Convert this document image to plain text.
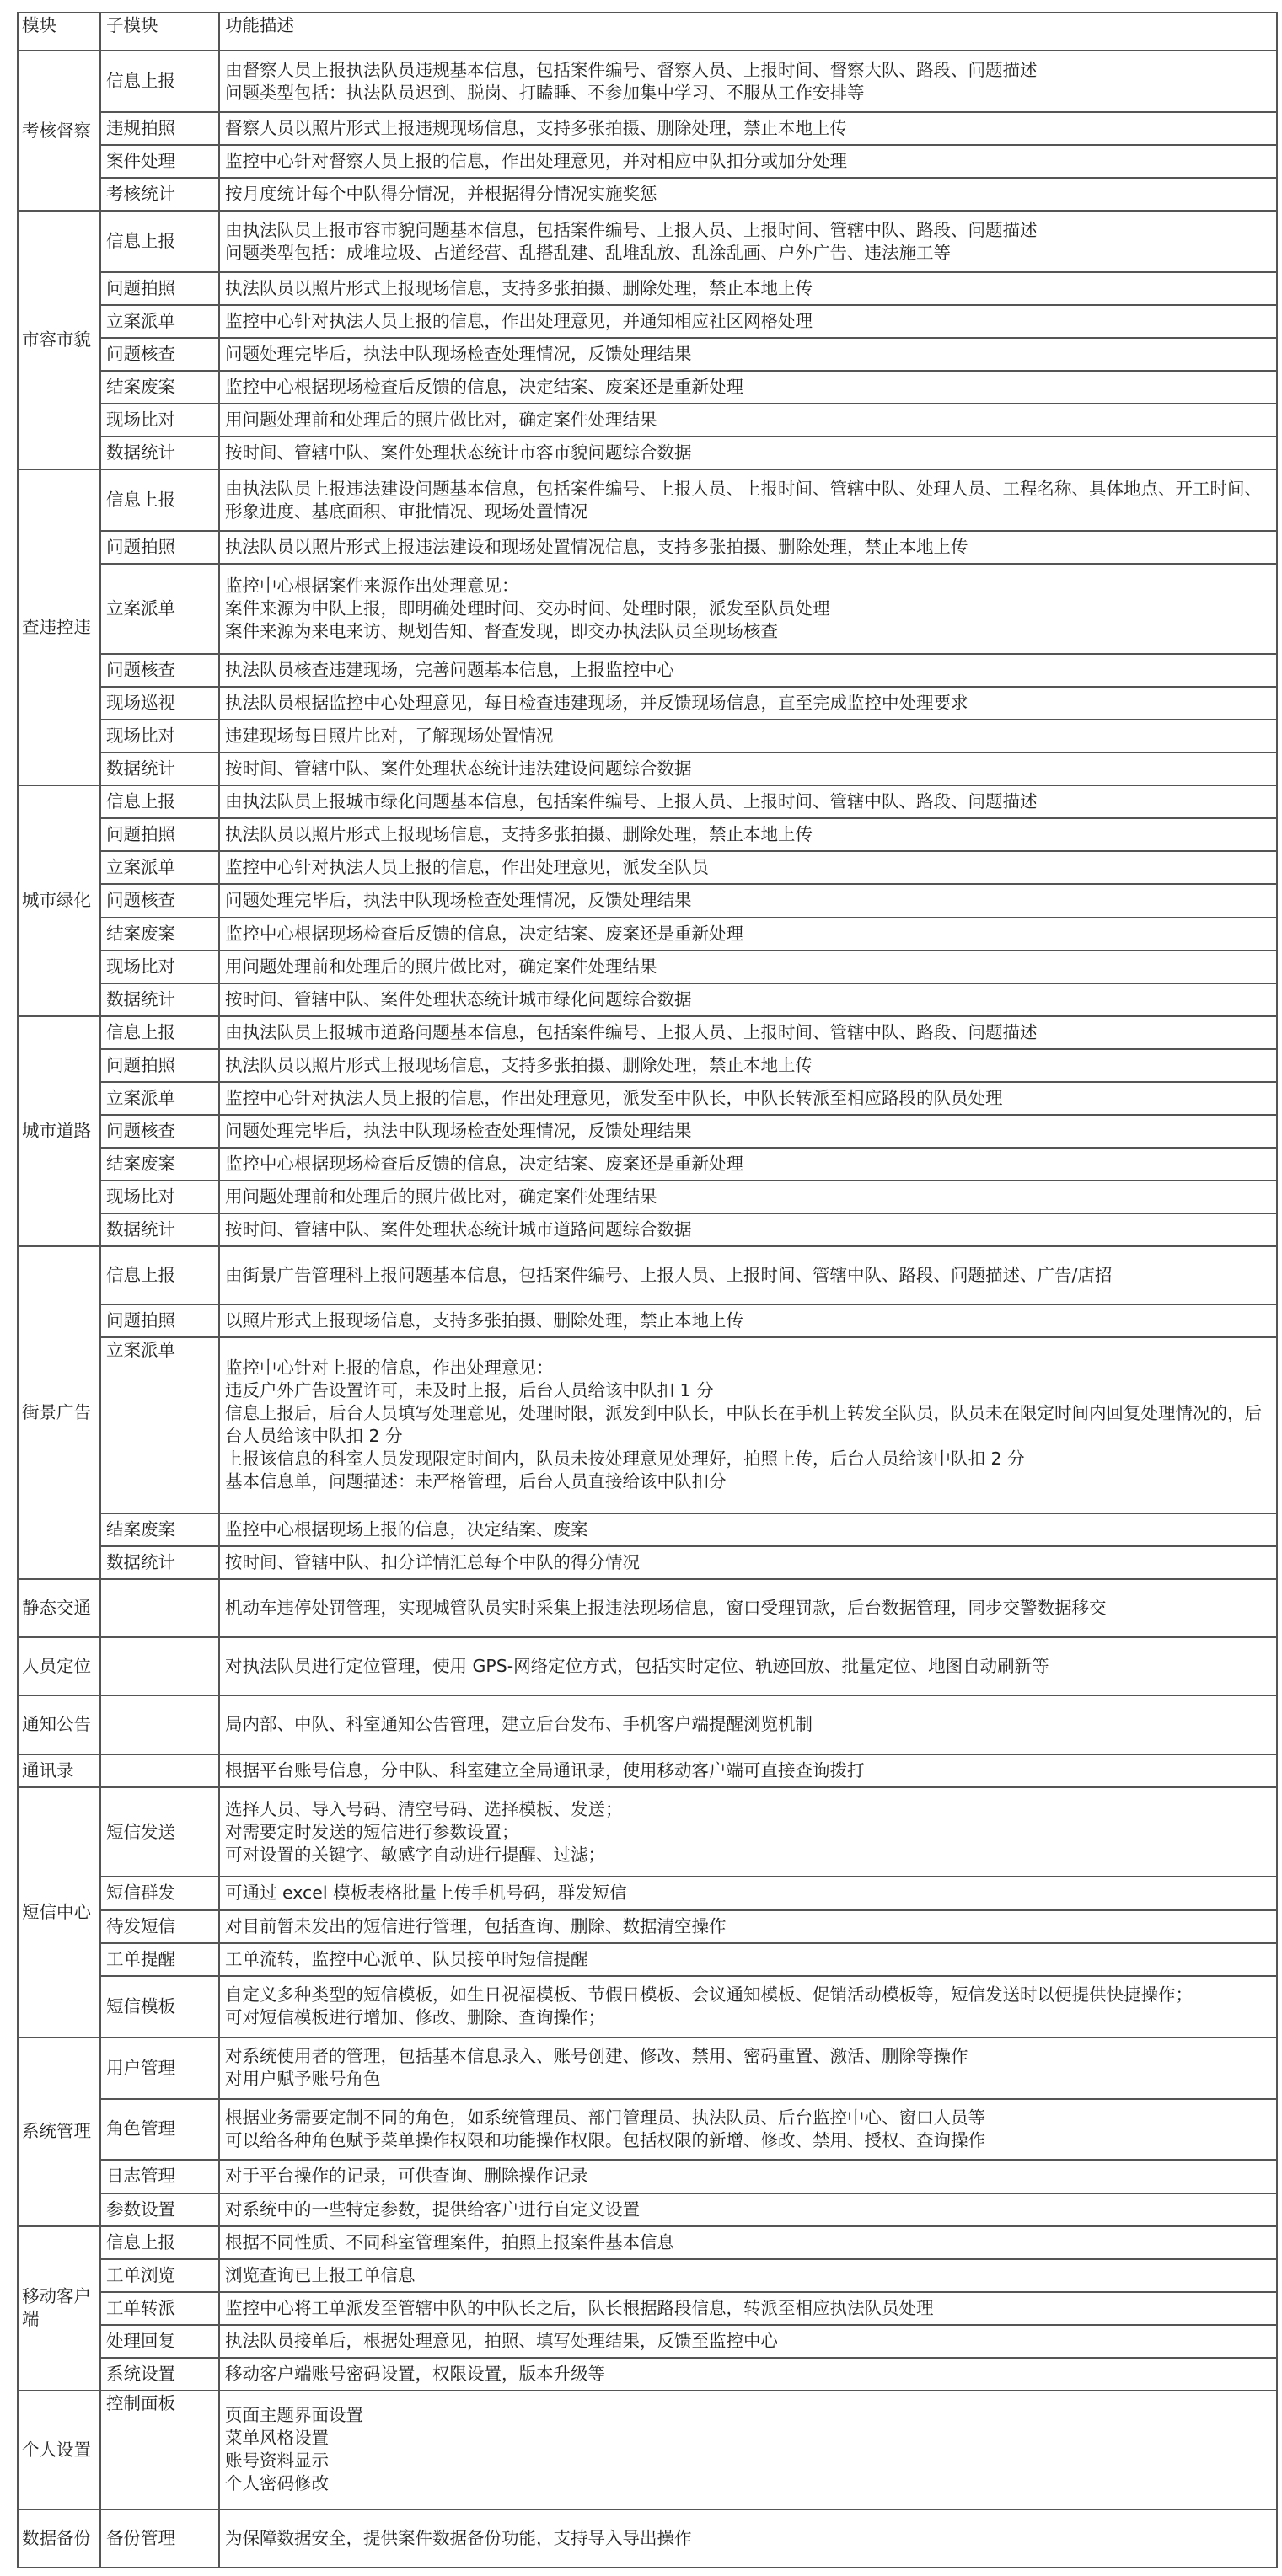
模块	子模块	功能描述
考核督察	信息上报	由督察人员上报执法队员违规基本信息，包括案件编号、督察人员、上报时间、督察大队、路段、问题描述
问题类型包括：执法队员迟到、脱岗、打瞌睡、不参加集中学习、不服从工作安排等
	违规拍照	督察人员以照片形式上报违规现场信息，支持多张拍摄、删除处理，禁止本地上传
	案件处理	监控中心针对督察人员上报的信息，作出处理意见，并对相应中队扣分或加分处理
	考核统计	按月度统计每个中队得分情况，并根据得分情况实施奖惩
市容市貌	信息上报	由执法队员上报市容市貌问题基本信息，包括案件编号、上报人员、上报时间、管辖中队、路段、问题描述
问题类型包括：成堆垃圾、占道经营、乱搭乱建、乱堆乱放、乱涂乱画、户外广告、违法施工等
	问题拍照	执法队员以照片形式上报现场信息，支持多张拍摄、删除处理，禁止本地上传
	立案派单	监控中心针对执法人员上报的信息，作出处理意见，并通知相应社区网格处理
	问题核查	问题处理完毕后，执法中队现场检查处理情况，反馈处理结果
	结案废案	监控中心根据现场检查后反馈的信息，决定结案、废案还是重新处理
	现场比对	用问题处理前和处理后的照片做比对，确定案件处理结果
	数据统计	按时间、管辖中队、案件处理状态统计市容市貌问题综合数据
查违控违	信息上报	由执法队员上报违法建设问题基本信息，包括案件编号、上报人员、上报时间、管辖中队、处理人员、工程名称、具体地点、开工时间、形象进度、基底面积、审批情况、现场处置情况
	问题拍照	执法队员以照片形式上报违法建设和现场处置情况信息，支持多张拍摄、删除处理，禁止本地上传
	立案派单	监控中心根据案件来源作出处理意见：
案件来源为中队上报，即明确处理时间、交办时间、处理时限，派发至队员处理
案件来源为来电来访、规划告知、督查发现，即交办执法队员至现场核查
	问题核查	执法队员核查违建现场，完善问题基本信息，上报监控中心
	现场巡视	执法队员根据监控中心处理意见，每日检查违建现场，并反馈现场信息，直至完成监控中处理要求
	现场比对	违建现场每日照片比对，了解现场处置情况
	数据统计	按时间、管辖中队、案件处理状态统计违法建设问题综合数据
城市绿化	信息上报	由执法队员上报城市绿化问题基本信息，包括案件编号、上报人员、上报时间、管辖中队、路段、问题描述
	问题拍照	执法队员以照片形式上报现场信息，支持多张拍摄、删除处理，禁止本地上传
	立案派单	监控中心针对执法人员上报的信息，作出处理意见，派发至队员
	问题核查	问题处理完毕后，执法中队现场检查处理情况，反馈处理结果
	结案废案	监控中心根据现场检查后反馈的信息，决定结案、废案还是重新处理
	现场比对	用问题处理前和处理后的照片做比对，确定案件处理结果
	数据统计	按时间、管辖中队、案件处理状态统计城市绿化问题综合数据
城市道路	信息上报	由执法队员上报城市道路问题基本信息，包括案件编号、上报人员、上报时间、管辖中队、路段、问题描述
	问题拍照	执法队员以照片形式上报现场信息，支持多张拍摄、删除处理，禁止本地上传
	立案派单	监控中心针对执法人员上报的信息，作出处理意见，派发至中队长，中队长转派至相应路段的队员处理
	问题核查	问题处理完毕后，执法中队现场检查处理情况，反馈处理结果
	结案废案	监控中心根据现场检查后反馈的信息，决定结案、废案还是重新处理
	现场比对	用问题处理前和处理后的照片做比对，确定案件处理结果
	数据统计	按时间、管辖中队、案件处理状态统计城市道路问题综合数据
街景广告	信息上报	由街景广告管理科上报问题基本信息，包括案件编号、上报人员、上报时间、管辖中队、路段、问题描述、广告/店招
	问题拍照	以照片形式上报现场信息，支持多张拍摄、删除处理，禁止本地上传
	立案派单	监控中心针对上报的信息，作出处理意见：
违反户外广告设置许可，未及时上报，后台人员给该中队扣 1 分
信息上报后，后台人员填写处理意见，处理时限，派发到中队长，中队长在手机上转发至队员，队员未在限定时间内回复处理情况的，后台人员给该中队扣 2 分
上报该信息的科室人员发现限定时间内，队员未按处理意见处理好，拍照上传，后台人员给该中队扣 2 分
基本信息单，问题描述：未严格管理，后台人员直接给该中队扣分
	结案废案	监控中心根据现场上报的信息，决定结案、废案
	数据统计	按时间、管辖中队、扣分详情汇总每个中队的得分情况
静态交通		机动车违停处罚管理，实现城管队员实时采集上报违法现场信息，窗口受理罚款，后台数据管理，同步交警数据移交
人员定位		对执法队员进行定位管理，使用 GPS-网络定位方式，包括实时定位、轨迹回放、批量定位、地图自动刷新等
通知公告		局内部、中队、科室通知公告管理，建立后台发布、手机客户端提醒浏览机制
通讯录		根据平台账号信息，分中队、科室建立全局通讯录，使用移动客户端可直接查询拨打
短信中心	短信发送	选择人员、导入号码、清空号码、选择模板、发送；
对需要定时发送的短信进行参数设置；
可对设置的关键字、敏感字自动进行提醒、过滤；
	短信群发	可通过 excel 模板表格批量上传手机号码，群发短信
	待发短信	对目前暂未发出的短信进行管理，包括查询、删除、数据清空操作
	工单提醒	工单流转，监控中心派单、队员接单时短信提醒
	短信模板	自定义多种类型的短信模板，如生日祝福模板、节假日模板、会议通知模板、促销活动模板等，短信发送时以便提供快捷操作；
可对短信模板进行增加、修改、删除、查询操作；
系统管理	用户管理	对系统使用者的管理，包括基本信息录入、账号创建、修改、禁用、密码重置、激活、删除等操作
对用户赋予账号角色
	角色管理	根据业务需要定制不同的角色，如系统管理员、部门管理员、执法队员、后台监控中心、窗口人员等
可以给各种角色赋予菜单操作权限和功能操作权限。包括权限的新增、修改、禁用、授权、查询操作
	日志管理	对于平台操作的记录，可供查询、删除操作记录
	参数设置	对系统中的一些特定参数，提供给客户进行自定义设置
移动客户端	信息上报	根据不同性质、不同科室管理案件，拍照上报案件基本信息
	工单浏览	浏览查询已上报工单信息
	工单转派	监控中心将工单派发至管辖中队的中队长之后，队长根据路段信息，转派至相应执法队员处理
	处理回复	执法队员接单后，根据处理意见，拍照、填写处理结果，反馈至监控中心
	系统设置	移动客户端账号密码设置，权限设置，版本升级等
个人设置	控制面板	页面主题界面设置
菜单风格设置
账号资料显示
个人密码修改
数据备份	备份管理	为保障数据安全，提供案件数据备份功能，支持导入导出操作
